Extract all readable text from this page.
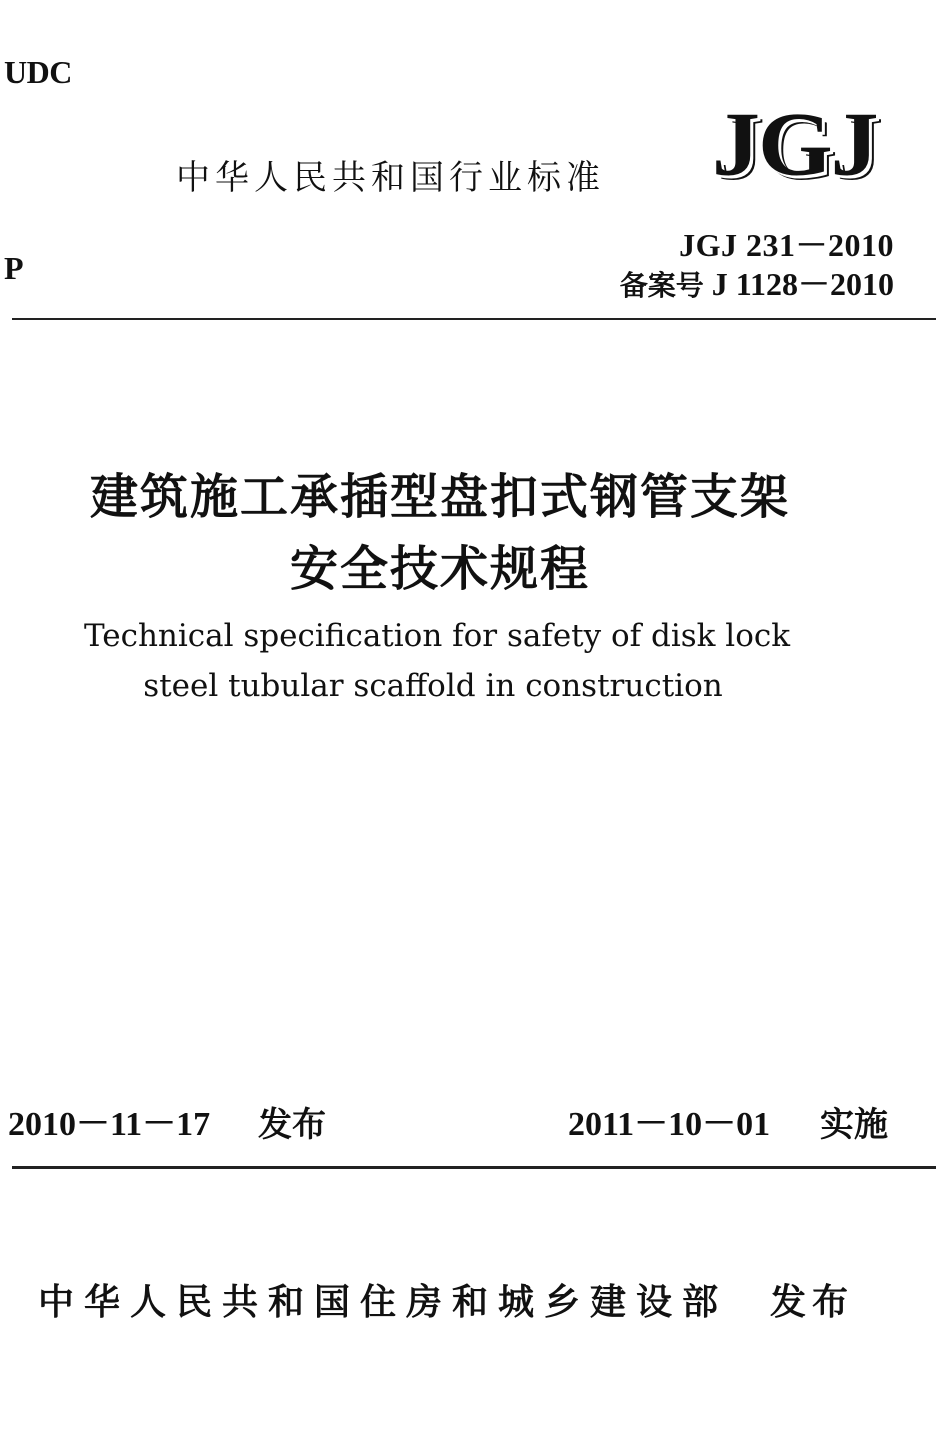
UDC
P
中华人民共和国行业标准 JGJ
JGJ 231－2010
备案号 J 1128－2010
建筑施工承插型盘扣式钢管支架
安全技术规程
Technical specification for safety of disk lock
steel tubular scaffold in construction
2010－11－17 发布	2011－10－01 实施
中华人民共和国住房和城乡建设部 发布
